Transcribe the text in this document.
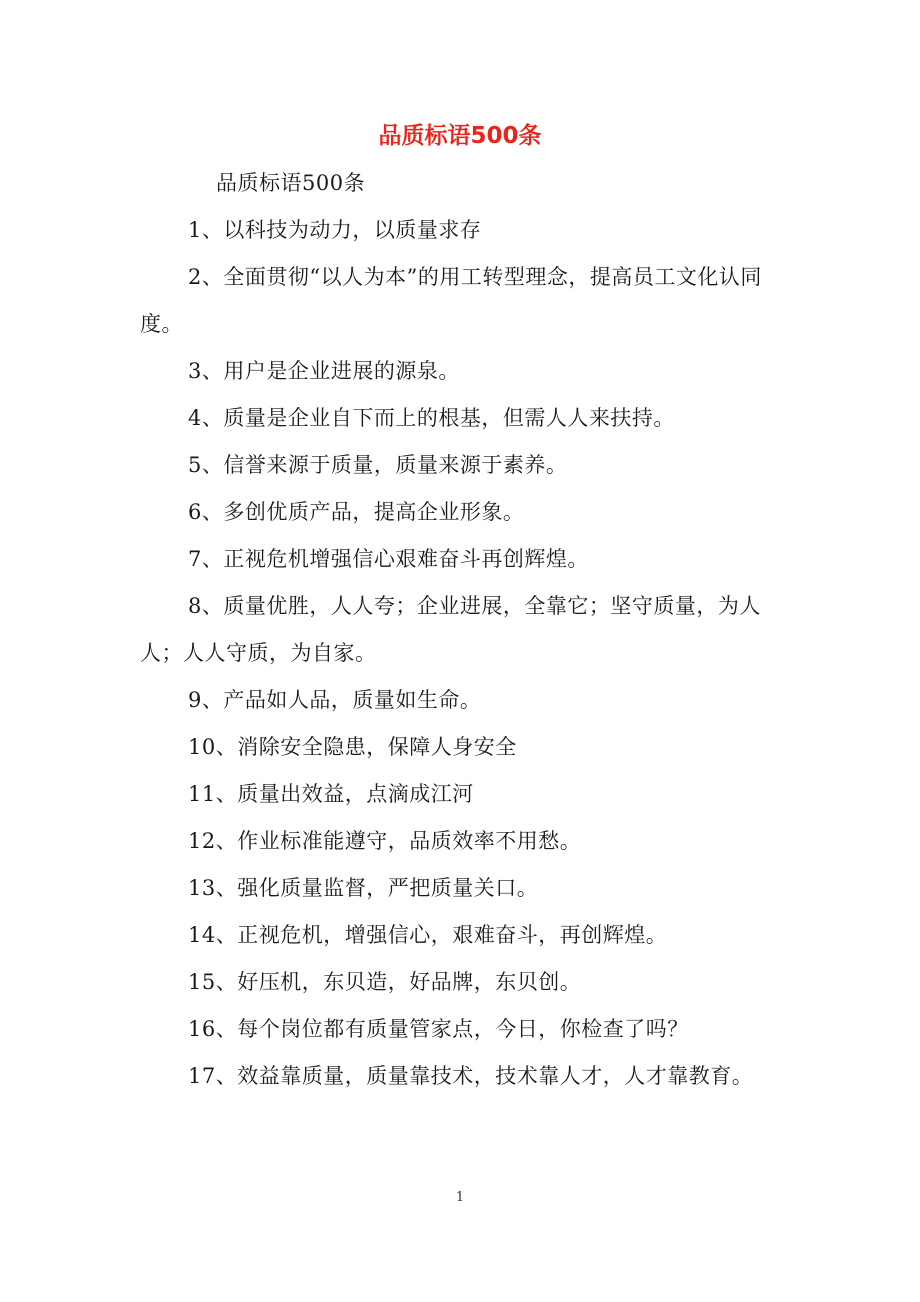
品质标语500条

品质标语500条

1、以科技为动力，以质量求存

2、全面贯彻“以人为本”的用工转型理念，提高员工文化认同度。

3、用户是企业进展的源泉。

4、质量是企业自下而上的根基，但需人人来扶持。

5、信誉来源于质量，质量来源于素养。

6、多创优质产品，提高企业形象。

7、正视危机增强信心艰难奋斗再创辉煌。

8、质量优胜，人人夸；企业进展，全靠它；坚守质量，为人人；人人守质，为自家。

9、产品如人品，质量如生命。

10、消除安全隐患，保障人身安全

11、质量出效益，点滴成江河

12、作业标准能遵守，品质效率不用愁。

13、强化质量监督，严把质量关口。

14、正视危机，增强信心，艰难奋斗，再创辉煌。

15、好压机，东贝造，好品牌，东贝创。

16、每个岗位都有质量管家点，今日，你检查了吗？

17、效益靠质量，质量靠技术，技术靠人才，人才靠教育。

1
